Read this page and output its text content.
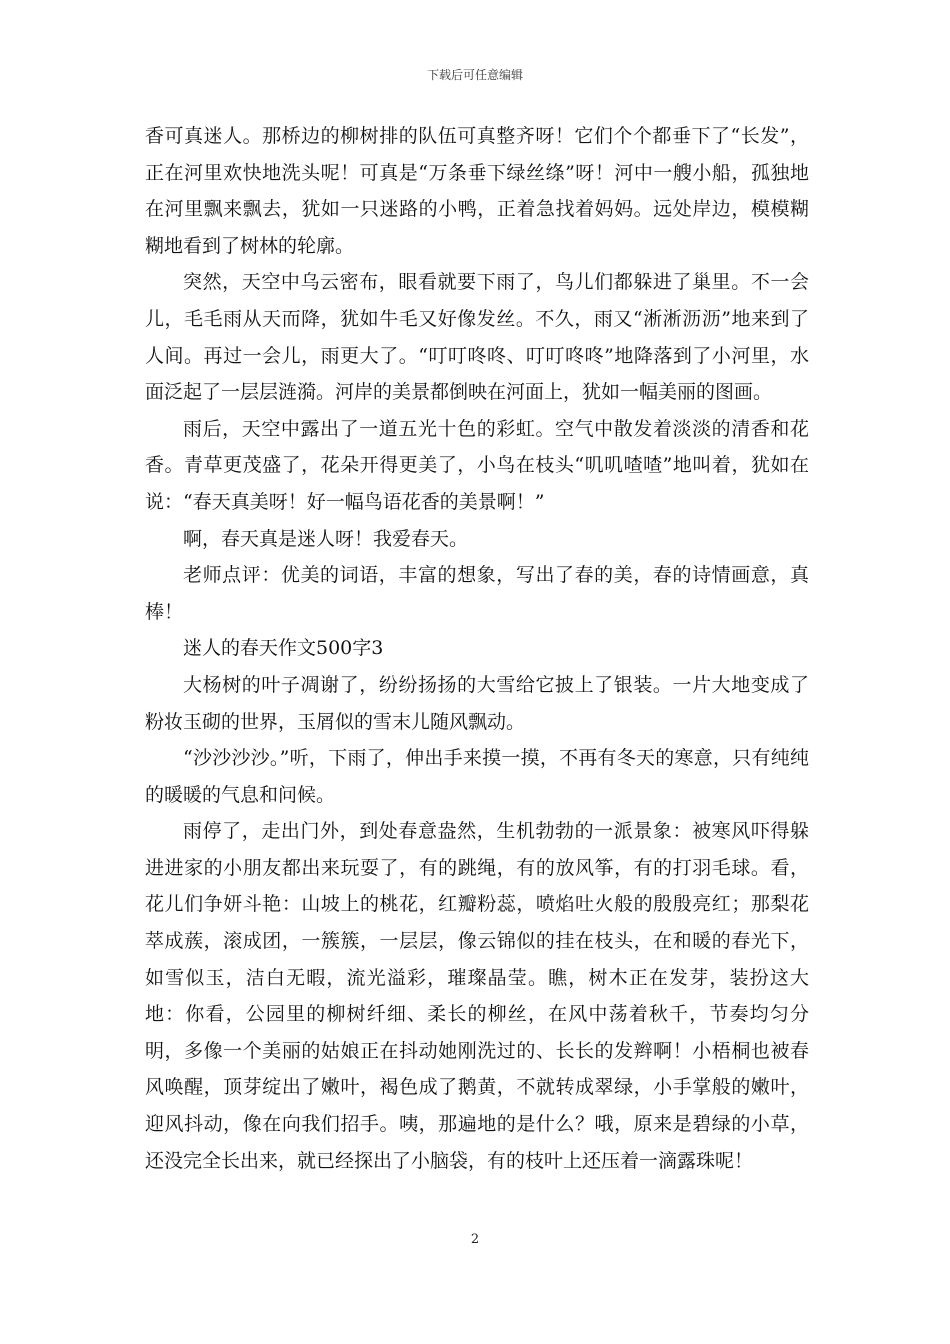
下载后可任意编辑

香可真迷人。那桥边的柳树排的队伍可真整齐呀！它们个个都垂下了“长发”，正在河里欢快地洗头呢！可真是“万条垂下绿丝绦”呀！河中一艘小船，孤独地在河里飘来飘去，犹如一只迷路的小鸭，正着急找着妈妈。远处岸边，模模糊糊地看到了树林的轮廓。

突然，天空中乌云密布，眼看就要下雨了，鸟儿们都躲进了巢里。不一会儿，毛毛雨从天而降，犹如牛毛又好像发丝。不久，雨又“淅淅沥沥”地来到了人间。再过一会儿，雨更大了。“叮叮咚咚、叮叮咚咚”地降落到了小河里，水面泛起了一层层涟漪。河岸的美景都倒映在河面上，犹如一幅美丽的图画。

雨后，天空中露出了一道五光十色的彩虹。空气中散发着淡淡的清香和花香。青草更茂盛了，花朵开得更美了，小鸟在枝头“叽叽喳喳”地叫着，犹如在说：“春天真美呀！好一幅鸟语花香的美景啊！”

啊，春天真是迷人呀！我爱春天。

老师点评：优美的词语，丰富的想象，写出了春的美，春的诗情画意，真棒！

迷人的春天作文500字3

大杨树的叶子凋谢了，纷纷扬扬的大雪给它披上了银装。一片大地变成了粉妆玉砌的世界，玉屑似的雪末儿随风飘动。

“沙沙沙沙。”听，下雨了，伸出手来摸一摸，不再有冬天的寒意，只有纯纯的暖暖的气息和问候。

雨停了，走出门外，到处春意盎然，生机勃勃的一派景象：被寒风吓得躲进进家的小朋友都出来玩耍了，有的跳绳，有的放风筝，有的打羽毛球。看，花儿们争妍斗艳：山坡上的桃花，红瓣粉蕊，喷焰吐火般的殷殷亮红；那梨花萃成蔟，滚成团，一簇簇，一层层，像云锦似的挂在枝头，在和暖的春光下，如雪似玉，洁白无暇，流光溢彩，璀璨晶莹。瞧，树木正在发芽，装扮这大地：你看，公园里的柳树纤细、柔长的柳丝，在风中荡着秋千，节奏均匀分明，多像一个美丽的姑娘正在抖动她刚洗过的、长长的发辫啊！小梧桐也被春风唤醒，顶芽绽出了嫩叶，褐色成了鹅黄，不就转成翠绿，小手掌般的嫩叶，迎风抖动，像在向我们招手。咦，那遍地的是什么？哦，原来是碧绿的小草，还没完全长出来，就已经探出了小脑袋，有的枝叶上还压着一滴露珠呢！

2
